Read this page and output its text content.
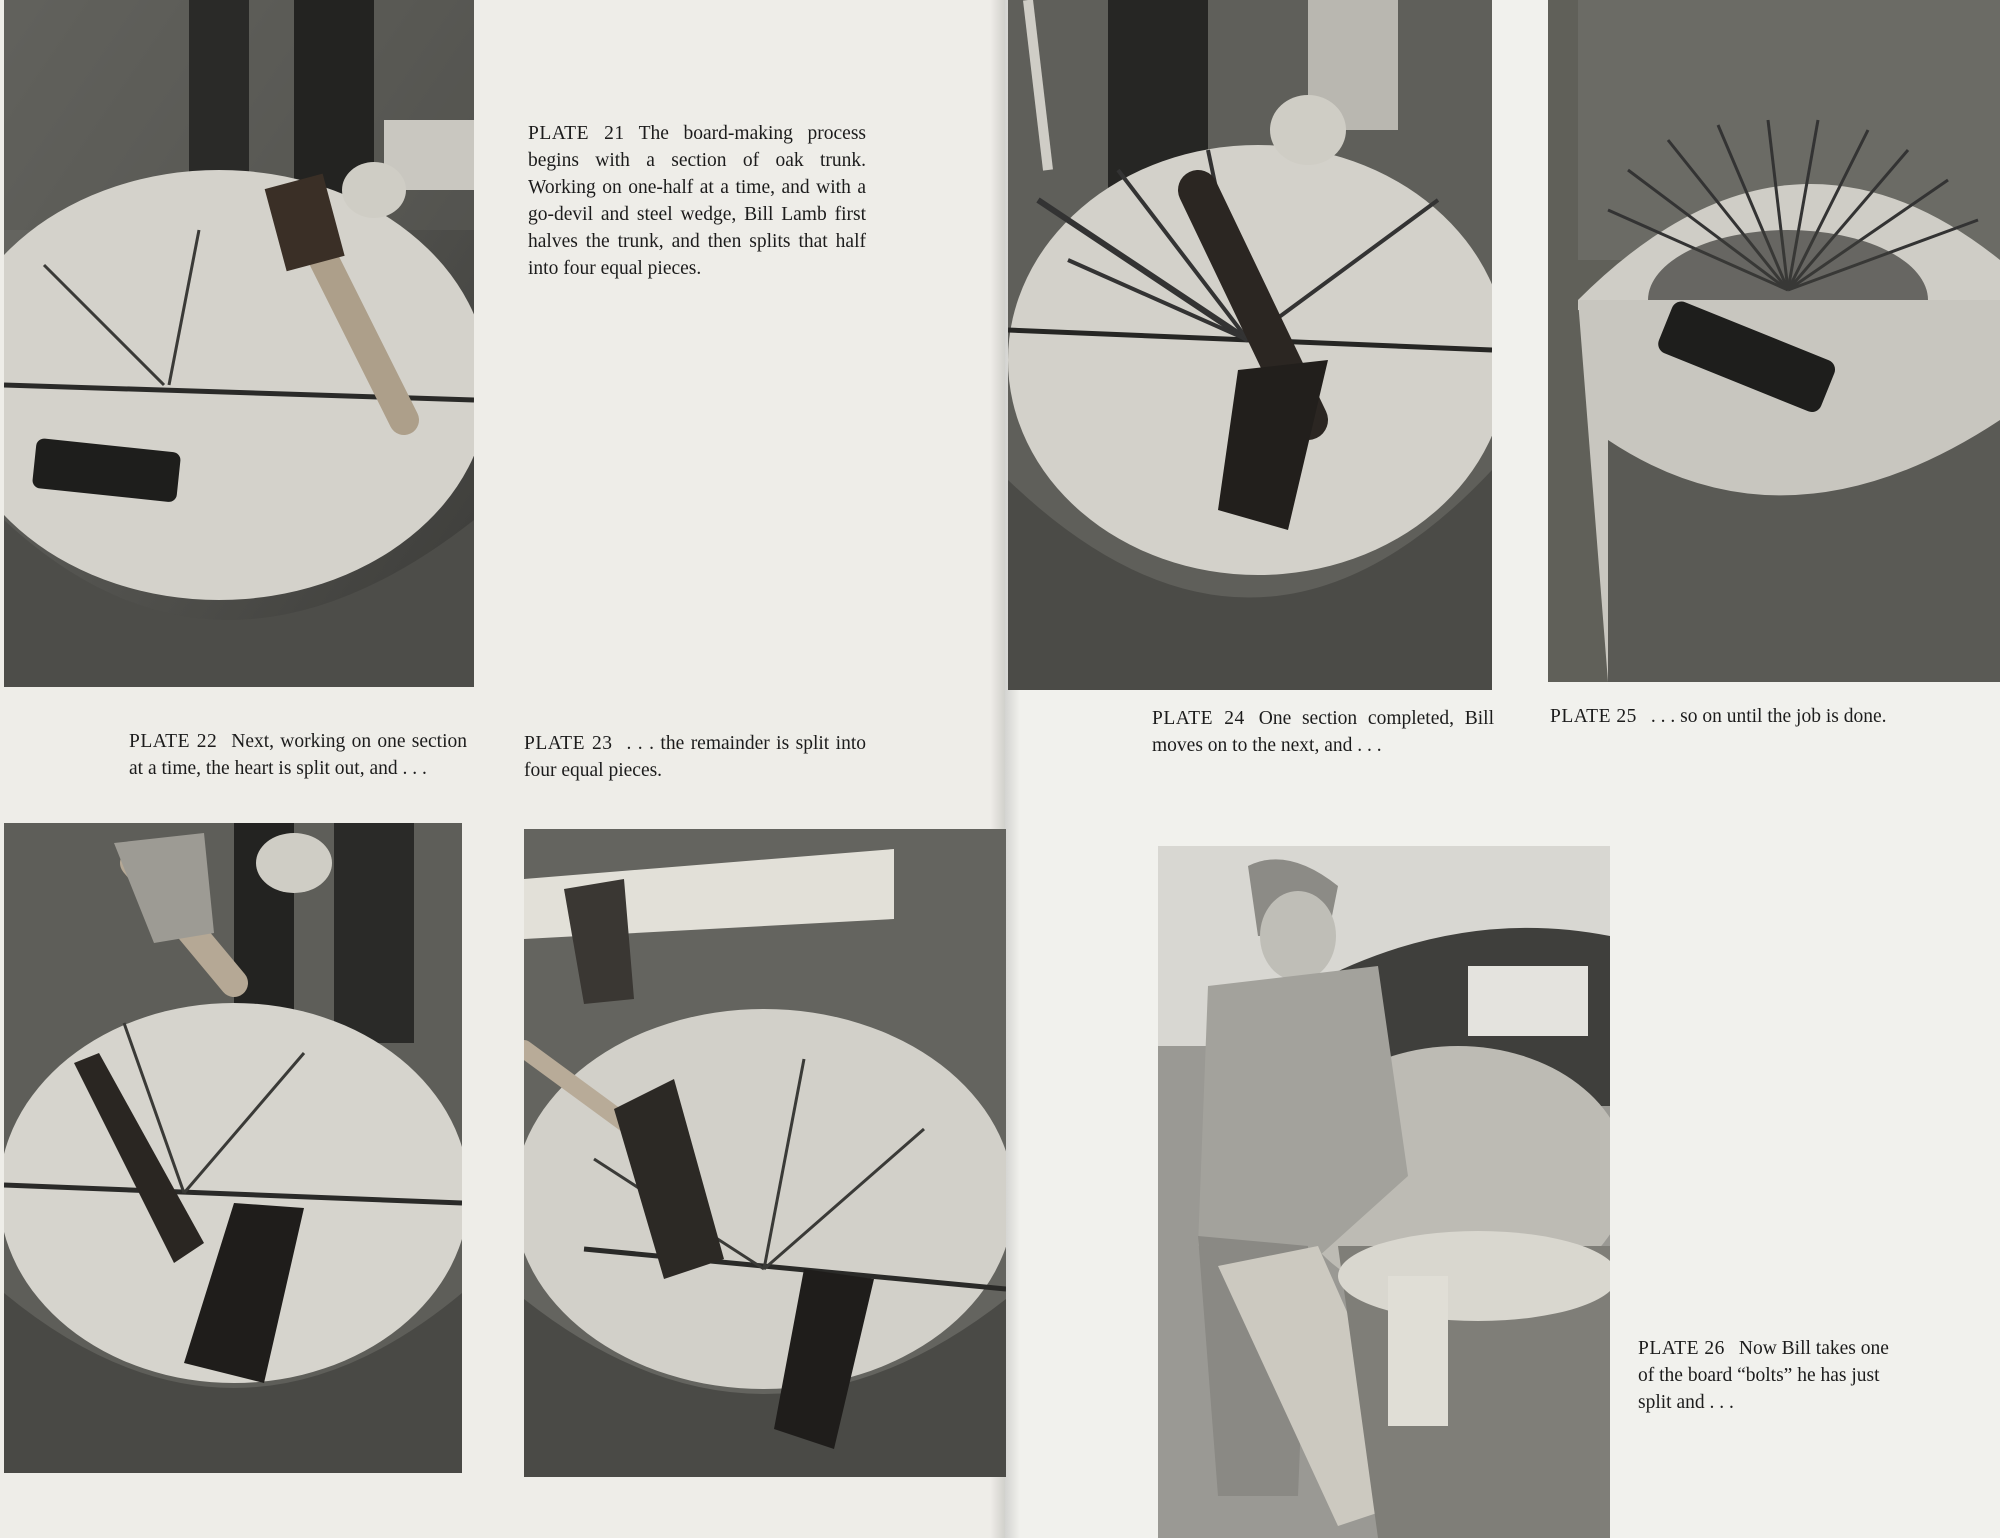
PLATE 21 The board-making process begins with a section of oak trunk. Working on one-half at a time, and with a go-devil and steel wedge, Bill Lamb first halves the trunk, and then splits that half into four equal pieces.
PLATE 22 Next, working on one section at a time, the heart is split out, and . . .
PLATE 23 . . . the remainder is split into four equal pieces.
PLATE 24 One section completed, Bill moves on to the next, and . . .
PLATE 25 . . . so on until the job is done.
PLATE 26 Now Bill takes one of the board “bolts” he has just split and . . .
